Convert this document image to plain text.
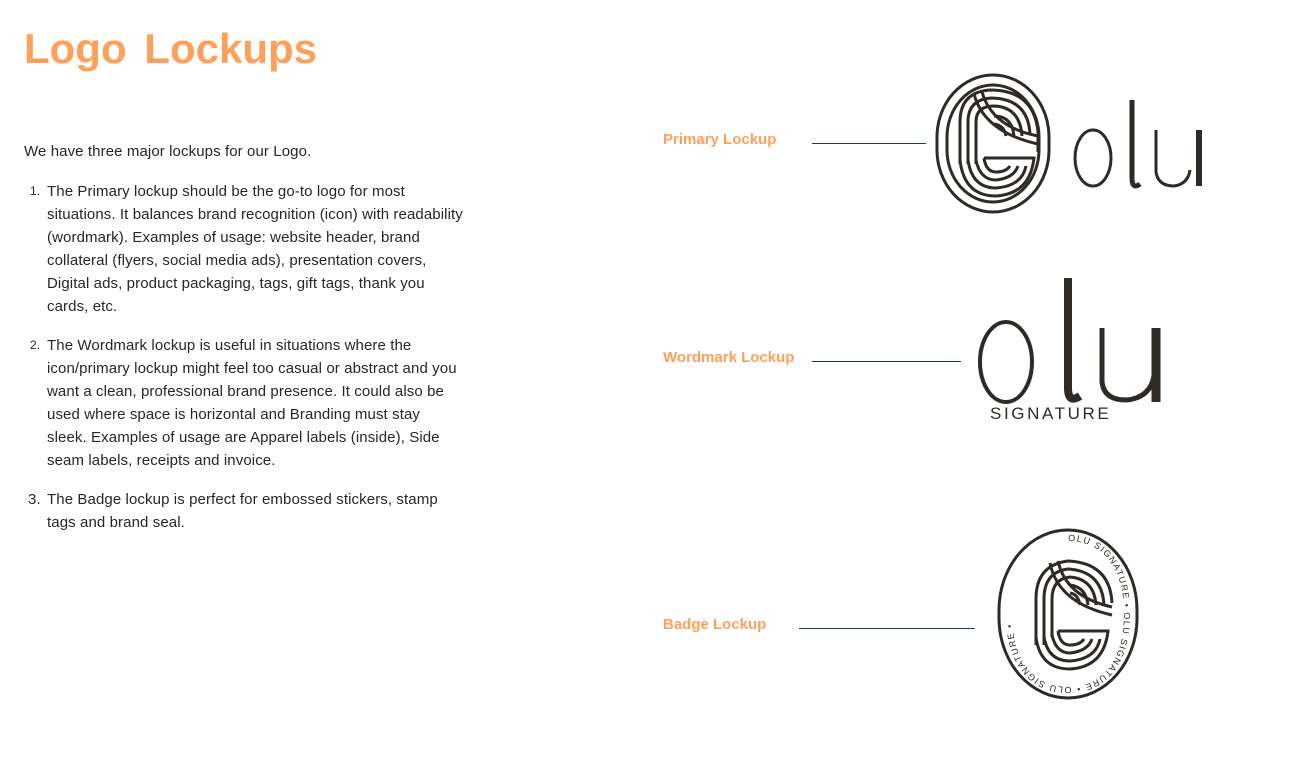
Logo Lockups

We have three major lockups for our Logo.

1. The Primary lockup should be the go-to logo for most situations. It balances brand recognition (icon) with readability (wordmark). Examples of usage: website header, brand collateral (flyers, social media ads), presentation covers, Digital ads, product packaging, tags, gift tags, thank you cards, etc.
2. The Wordmark lockup is useful in situations where the icon/primary lockup might feel too casual or abstract and you want a clean, professional brand presence. It could also be used where space is horizontal and Branding must stay sleek. Examples of usage are Apparel labels (inside), Side seam labels, receipts and invoice.
3. The Badge lockup is perfect for embossed stickers, stamp tags and brand seal.
Primary Lockup
Wordmark Lockup
SIGNATURE
Badge Lockup
OLU SIGNATURE • OLU SIGNATURE • OLU SIGNATURE •
